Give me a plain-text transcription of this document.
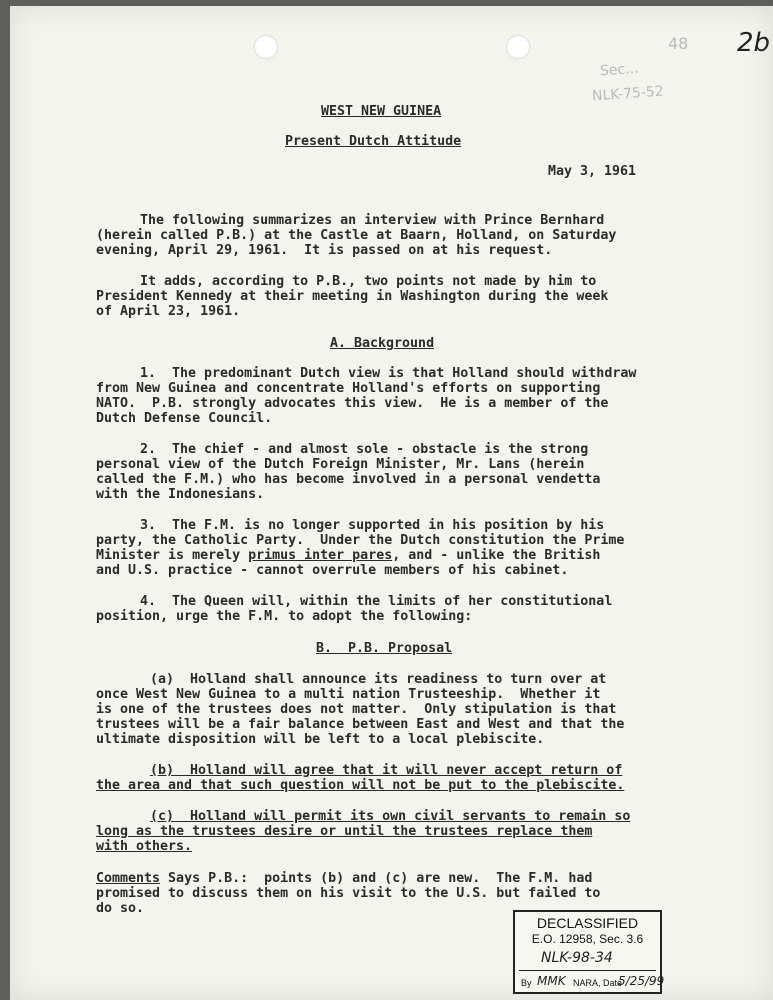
2b
48
Sec...
NLK-75-52
WEST NEW GUINEA
Present Dutch Attitude
May 3, 1961
The following summarizes an interview with Prince Bernhard
(herein called P.B.) at the Castle at Baarn, Holland, on Saturday
evening, April 29, 1961.  It is passed on at his request.
It adds, according to P.B., two points not made by him to
President Kennedy at their meeting in Washington during the week
of April 23, 1961.
A. Background
1.  The predominant Dutch view is that Holland should withdraw
from New Guinea and concentrate Holland's efforts on supporting
NATO.  P.B. strongly advocates this view.  He is a member of the
Dutch Defense Council.
2.  The chief - and almost sole - obstacle is the strong
personal view of the Dutch Foreign Minister, Mr. Lans (herein
called the F.M.) who has become involved in a personal vendetta
with the Indonesians.
3.  The F.M. is no longer supported in his position by his
party, the Catholic Party.  Under the Dutch constitution the Prime
Minister is merely primus inter pares, and - unlike the British
and U.S. practice - cannot overrule members of his cabinet.
4.  The Queen will, within the limits of her constitutional
position, urge the F.M. to adopt the following:
B.  P.B. Proposal
(a)  Holland shall announce its readiness to turn over at
once West New Guinea to a multi nation Trusteeship.  Whether it
is one of the trustees does not matter.  Only stipulation is that
trustees will be a fair balance between East and West and that the
ultimate disposition will be left to a local plebiscite.
(b)  Holland will agree that it will never accept return of
the area and that such question will not be put to the plebiscite.
(c)  Holland will permit its own civil servants to remain so
long as the trustees desire or until the trustees replace them
with others.
Comments Says P.B.:  points (b) and (c) are new.  The F.M. had
promised to discuss them on his visit to the U.S. but failed to
do so.
DECLASSIFIED
E.O. 12958, Sec. 3.6
NLK-98-34
By MMK NARA, Date
5/25/99
